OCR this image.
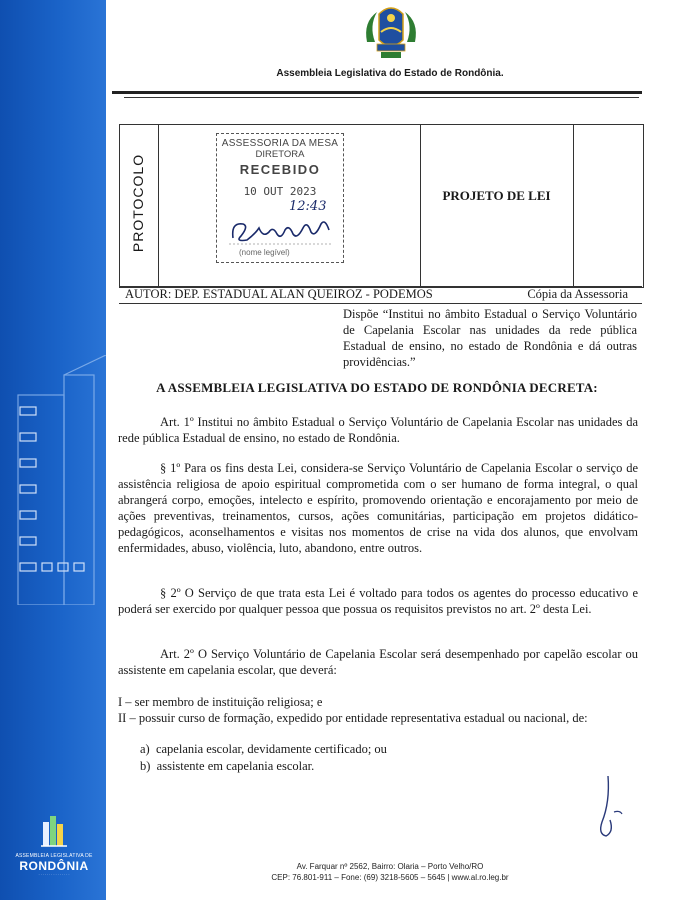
ASSEMBLEIA LEGISLATIVA DE
RONDÔNIA
· · · · · · · · · · · · · · ·
Assembleia Legislativa do Estado de Rondônia.
PROTOCOLO
ASSESSORIA DA MESA
DIRETORA
RECEBIDO
10 OUT 2023
12:43
(nome legível)
PROJETO DE LEI
AUTOR: DEP. ESTADUAL ALAN QUEIROZ - PODEMOS	Cópia da Assessoria
Dispõe “Institui no âmbito Estadual o Serviço Voluntário de Capelania Escolar nas unidades da rede pública Estadual de ensino, no estado de Rondônia e dá outras providências.”
A ASSEMBLEIA LEGISLATIVA DO ESTADO DE RONDÔNIA DECRETA:
Art. 1º Institui no âmbito Estadual o Serviço Voluntário de Capelania Escolar nas unidades da rede pública Estadual de ensino, no estado de Rondônia.
§ 1º Para os fins desta Lei, considera-se Serviço Voluntário de Capelania Escolar o serviço de assistência religiosa de apoio espiritual comprometida com o ser humano de forma integral, o qual abrangerá corpo, emoções, intelecto e espírito, promovendo orientação e encorajamento por meio de ações preventivas, treinamentos, cursos, ações comunitárias, participação em projetos didático-pedagógicos, aconselhamentos e visitas nos momentos de crise na vida dos alunos, que envolvam enfermidades, abuso, violência, luto, abandono, entre outros.
§ 2º O Serviço de que trata esta Lei é voltado para todos os agentes do processo educativo e poderá ser exercido por qualquer pessoa que possua os requisitos previstos no art. 2º desta Lei.
Art. 2º O Serviço Voluntário de Capelania Escolar será desempenhado por capelão escolar ou assistente em capelania escolar, que deverá:
I – ser membro de instituição religiosa; e
II – possuir curso de formação, expedido por entidade representativa estadual ou nacional, de:
a)  capelania escolar, devidamente certificado; ou
b)  assistente em capelania escolar.
Av. Farquar nº 2562, Bairro: Olaria – Porto Velho/RO
CEP: 76.801-911 – Fone: (69) 3218-5605 – 5645 | www.al.ro.leg.br
